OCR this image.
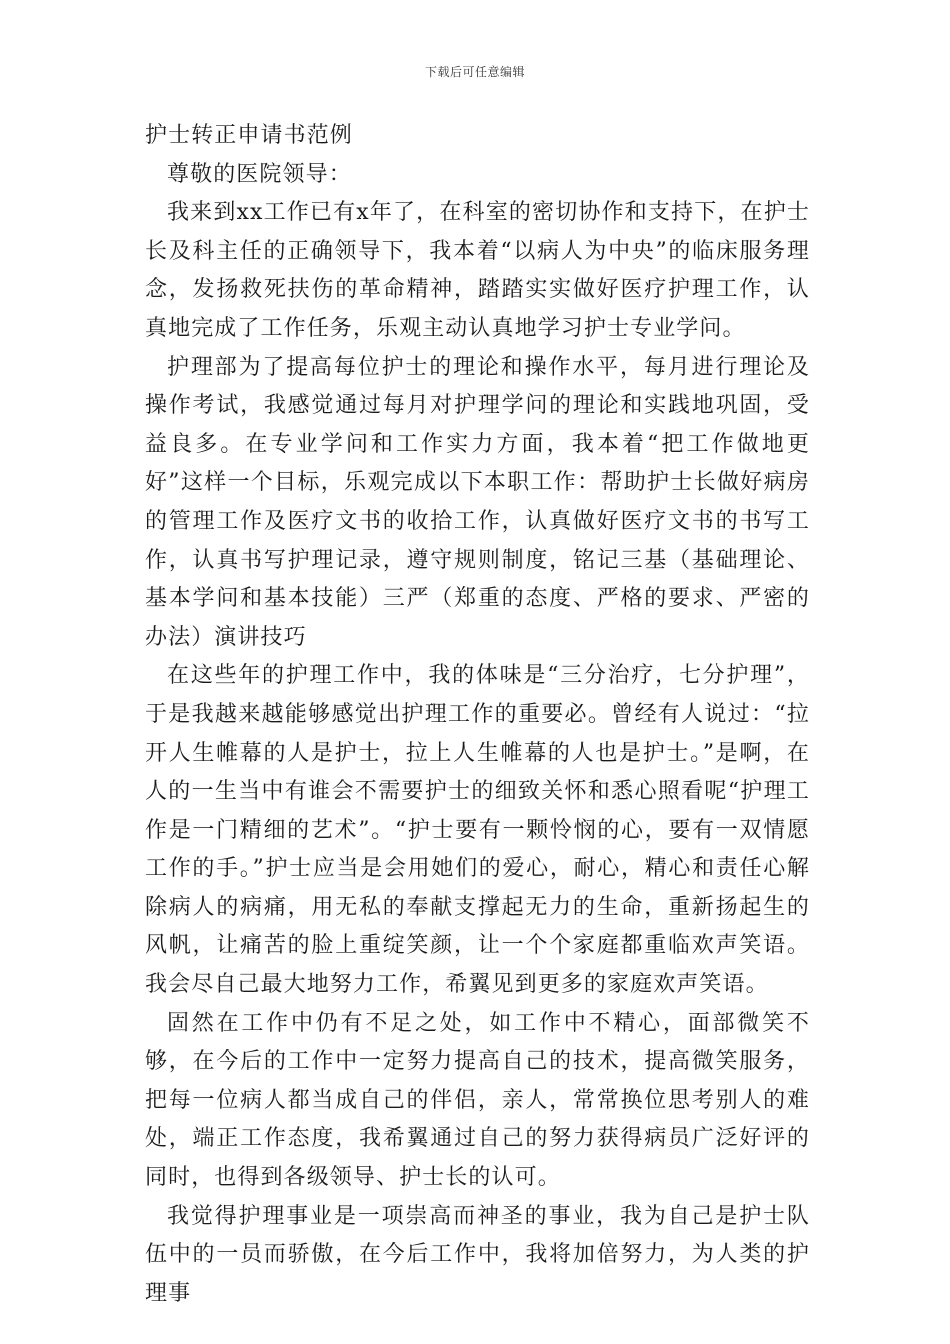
下载后可任意编辑
护士转正申请书范例

尊敬的医院领导：

我来到xx工作已有x年了，在科室的密切协作和支持下，在护士长及科主任的正确领导下，我本着“以病人为中央”的临床服务理念，发扬救死扶伤的革命精神，踏踏实实做好医疗护理工作，认真地完成了工作任务，乐观主动认真地学习护士专业学问。

护理部为了提高每位护士的理论和操作水平，每月进行理论及操作考试，我感觉通过每月对护理学问的理论和实践地巩固，受益良多。在专业学问和工作实力方面，我本着“把工作做地更好”这样一个目标，乐观完成以下本职工作：帮助护士长做好病房的管理工作及医疗文书的收拾工作，认真做好医疗文书的书写工作，认真书写护理记录，遵守规则制度，铭记三基（基础理论、基本学问和基本技能）三严（郑重的态度、严格的要求、严密的办法）演讲技巧

在这些年的护理工作中，我的体味是“三分治疗，七分护理”，于是我越来越能够感觉出护理工作的重要必。曾经有人说过：“拉开人生帷幕的人是护士，拉上人生帷幕的人也是护士。”是啊，在人的一生当中有谁会不需要护士的细致关怀和悉心照看呢“护理工作是一门精细的艺术”。“护士要有一颗怜悯的心，要有一双情愿工作的手。”护士应当是会用她们的爱心，耐心，精心和责任心解除病人的病痛，用无私的奉献支撑起无力的生命，重新扬起生的风帆，让痛苦的脸上重绽笑颜，让一个个家庭都重临欢声笑语。我会尽自己最大地努力工作，希翼见到更多的家庭欢声笑语。

固然在工作中仍有不足之处，如工作中不精心，面部微笑不够，在今后的工作中一定努力提高自己的技术，提高微笑服务，把每一位病人都当成自己的伴侣，亲人，常常换位思考别人的难处，端正工作态度，我希翼通过自己的努力获得病员广泛好评的同时，也得到各级领导、护士长的认可。

我觉得护理事业是一项崇高而神圣的事业，我为自己是护士队伍中的一员而骄傲，在今后工作中，我将加倍努力，为人类的护理事
